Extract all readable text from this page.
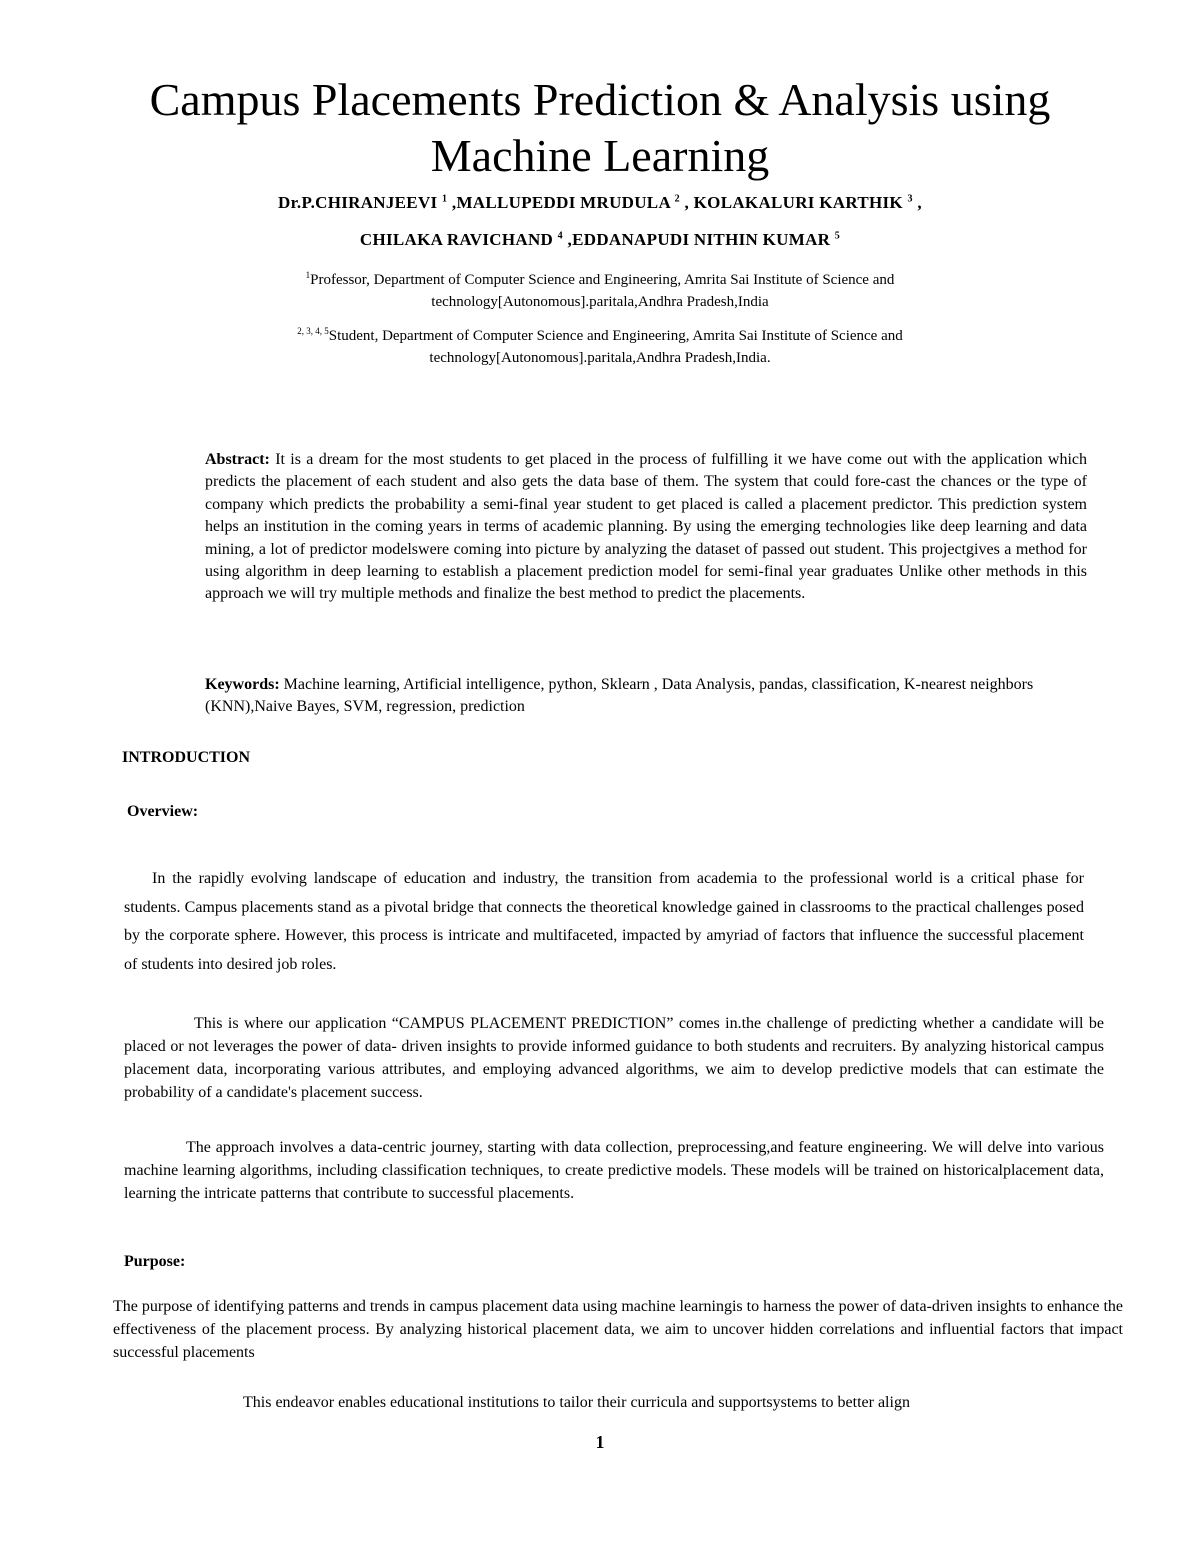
Campus Placements Prediction & Analysis using
Machine Learning
Dr.P.CHIRANJEEVI $^1$ ,MALLUPEDDI MRUDULA $^2$ , KOLAKALURI KARTHIK $^3$ ,
CHILAKA RAVICHAND $^4$ ,EDDANAPUDI NITHIN KUMAR $^5$
$^1$Professor, Department of Computer Science and Engineering, Amrita Sai Institute of Science and
technology[Autonomous].paritala,Andhra Pradesh,India
$^{2, 3, 4, 5}$Student, Department of Computer Science and Engineering, Amrita Sai Institute of Science and
technology[Autonomous].paritala,Andhra Pradesh,India.
Abstract: It is a dream for the most students to get placed in the process of fulfilling it we have come out with the application which predicts the placement of each student and also gets the data base of them. The system that could fore-cast the chances or the type of company which predicts the probability a semi-final year student to get placed is called a placement predictor. This prediction system helps an institution in the coming years in terms of academic planning. By using the emerging technologies like deep learning and data mining, a lot of predictor modelswere coming into picture by analyzing the dataset of passed out student. This projectgives a method for using algorithm in deep learning to establish a placement prediction model for semi-final year graduates Unlike other methods in this approach we will try multiple methods and finalize the best method to predict the placements.
Keywords: Machine learning, Artificial intelligence, python, Sklearn , Data Analysis, pandas, classification, K-nearest neighbors (KNN),Naive Bayes, SVM, regression, prediction
INTRODUCTION
Overview:
In the rapidly evolving landscape of education and industry, the transition from academia to the professional world is a critical phase for students. Campus placements stand as a pivotal bridge that connects the theoretical knowledge gained in classrooms to the practical challenges posed by the corporate sphere. However, this process is intricate and multifaceted, impacted by amyriad of factors that influence the successful placement of students into desired job roles.
This is where our application “CAMPUS PLACEMENT PREDICTION” comes in.the challenge of predicting whether a candidate will be placed or not leverages the power of data- driven insights to provide informed guidance to both students and recruiters. By analyzing historical campus placement data, incorporating various attributes, and employing advanced algorithms, we aim to develop predictive models that can estimate the probability of a candidate's placement success.
The approach involves a data-centric journey, starting with data collection, preprocessing,and feature engineering. We will delve into various machine learning algorithms, including classification techniques, to create predictive models. These models will be trained on historicalplacement data, learning the intricate patterns that contribute to successful placements.
Purpose:
The purpose of identifying patterns and trends in campus placement data using machine learningis to harness the power of data-driven insights to enhance the effectiveness of the placement process. By analyzing historical placement data, we aim to uncover hidden correlations and influential factors that impact successful placements
This endeavor enables educational institutions to tailor their curricula and supportsystems to better align
1
